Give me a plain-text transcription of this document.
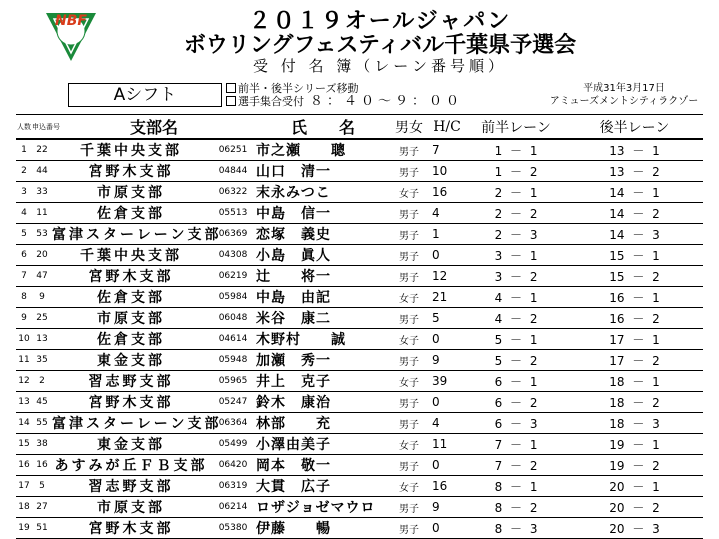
NBF	２０１９オールジャパン
ボウリングフェスティバル千葉県予選会
受 付 名 簿（レーン番号順）
Aシフト	前半・後半シリーズ移動
選手集合受付 ８：４０～９：００
平成31年3月17日
アミューズメントシティラクゾー
人数	申込番号	支部名		氏　　名	男女	H/C	前半レーン	後半レーン
1	22	千葉中央支部	06251	市之瀬　　聰	男子	7	1 － 1	13 － 1
2	44	宮野木支部	04844	山口　清一	男子	10	1 － 2	13 － 2
3	33	市原支部	06322	末永みつこ	女子	16	2 － 1	14 － 1
4	11	佐倉支部	05513	中島　信一	男子	4	2 － 2	14 － 2
5	53	富津スターレーン支部	06369	恋塚　義史	男子	1	2 － 3	14 － 3
6	20	千葉中央支部	04308	小島　眞人	男子	0	3 － 1	15 － 1
7	47	宮野木支部	06219	辻　　将一	男子	12	3 － 2	15 － 2
8	9	佐倉支部	05984	中島　由記	女子	21	4 － 1	16 － 1
9	25	市原支部	06048	米谷　康二	男子	5	4 － 2	16 － 2
10	13	佐倉支部	04614	木野村　　誠	女子	0	5 － 1	17 － 1
11	35	東金支部	05948	加瀬　秀一	男子	9	5 － 2	17 － 2
12	2	習志野支部	05965	井上　克子	女子	39	6 － 1	18 － 1
13	45	宮野木支部	05247	鈴木　康治	男子	0	6 － 2	18 － 2
14	55	富津スターレーン支部	06364	林部　　充	男子	4	6 － 3	18 － 3
15	38	東金支部	05499	小澤由美子	女子	11	7 － 1	19 － 1
16	16	あすみが丘ＦＢ支部	06420	岡本　敬一	男子	0	7 － 2	19 － 2
17	5	習志野支部	06319	大貫　広子	女子	16	8 － 1	20 － 1
18	27	市原支部	06214	ロザジョゼマウロ	男子	9	8 － 2	20 － 2
19	51	宮野木支部	05380	伊藤　　暢	男子	0	8 － 3	20 － 3
